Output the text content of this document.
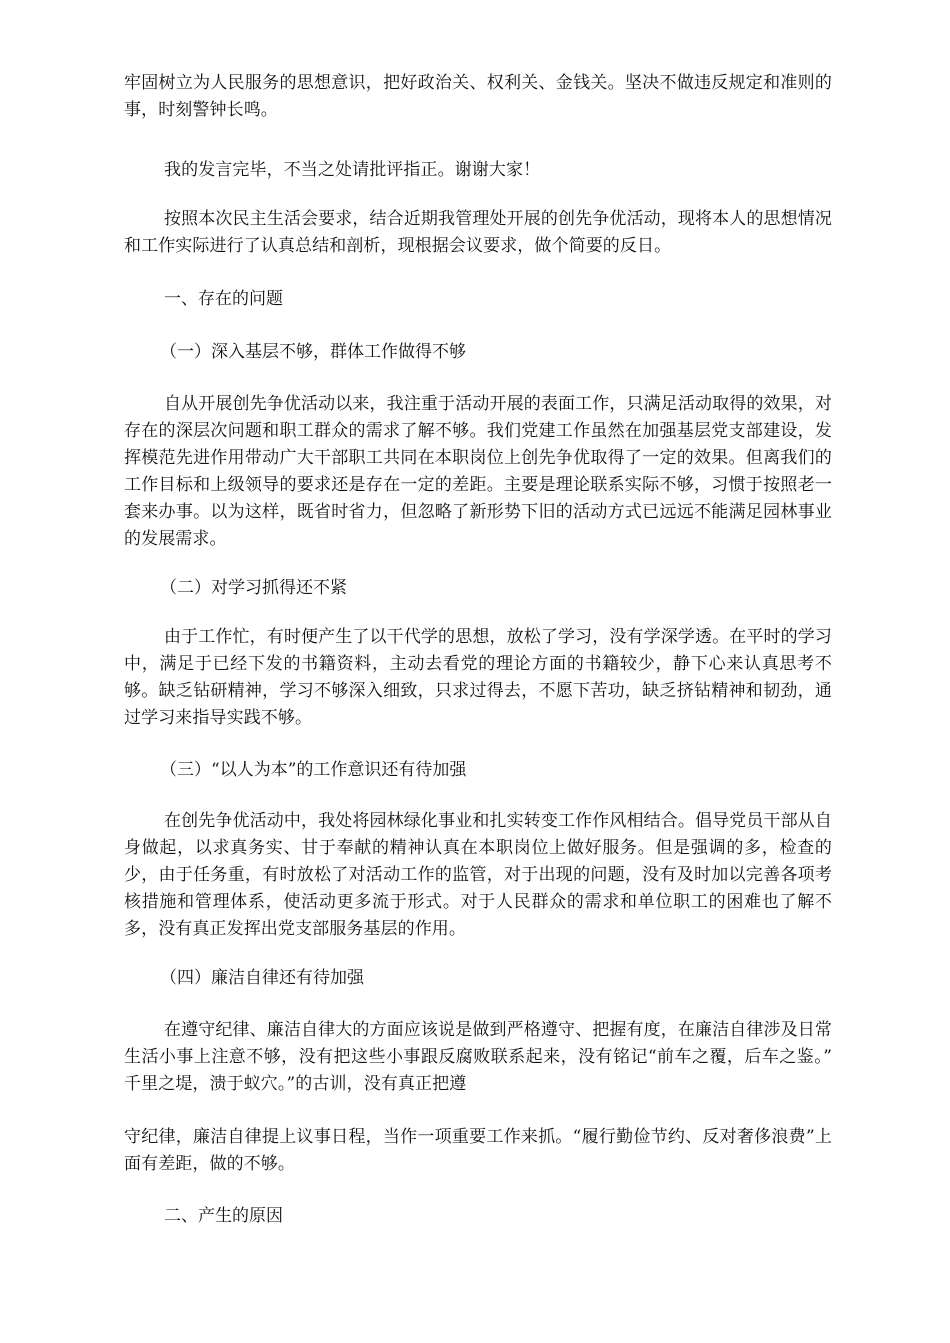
牢固树立为人民服务的思想意识，把好政治关、权利关、金钱关。坚决不做违反规定和准则的事，时刻警钟长鸣。

我的发言完毕，不当之处请批评指正。谢谢大家！

按照本次民主生活会要求，结合近期我管理处开展的创先争优活动，现将本人的思想情况和工作实际进行了认真总结和剖析，现根据会议要求，做个简要的反日。

一、存在的问题

（一）深入基层不够，群体工作做得不够

自从开展创先争优活动以来，我注重于活动开展的表面工作，只满足活动取得的效果，对存在的深层次问题和职工群众的需求了解不够。我们党建工作虽然在加强基层党支部建设，发挥模范先进作用带动广大干部职工共同在本职岗位上创先争优取得了一定的效果。但离我们的工作目标和上级领导的要求还是存在一定的差距。主要是理论联系实际不够，习惯于按照老一套来办事。以为这样，既省时省力，但忽略了新形势下旧的活动方式已远远不能满足园林事业的发展需求。

（二）对学习抓得还不紧

由于工作忙，有时便产生了以干代学的思想，放松了学习，没有学深学透。在平时的学习中，满足于已经下发的书籍资料，主动去看党的理论方面的书籍较少，静下心来认真思考不够。缺乏钻研精神，学习不够深入细致，只求过得去，不愿下苦功，缺乏挤钻精神和韧劲，通过学习来指导实践不够。

（三）“以人为本”的工作意识还有待加强

在创先争优活动中，我处将园林绿化事业和扎实转变工作作风相结合。倡导党员干部从自身做起，以求真务实、甘于奉献的精神认真在本职岗位上做好服务。但是强调的多，检查的少，由于任务重，有时放松了对活动工作的监管，对于出现的问题，没有及时加以完善各项考核措施和管理体系，使活动更多流于形式。对于人民群众的需求和单位职工的困难也了解不多，没有真正发挥出党支部服务基层的作用。

（四）廉洁自律还有待加强

在遵守纪律、廉洁自律大的方面应该说是做到严格遵守、把握有度，在廉洁自律涉及日常生活小事上注意不够，没有把这些小事跟反腐败联系起来，没有铭记“前车之覆，后车之鉴。” 千里之堤，溃于蚁穴。”的古训，没有真正把遵

守纪律，廉洁自律提上议事日程，当作一项重要工作来抓。“履行勤俭节约、反对奢侈浪费”上面有差距，做的不够。

二、产生的原因
